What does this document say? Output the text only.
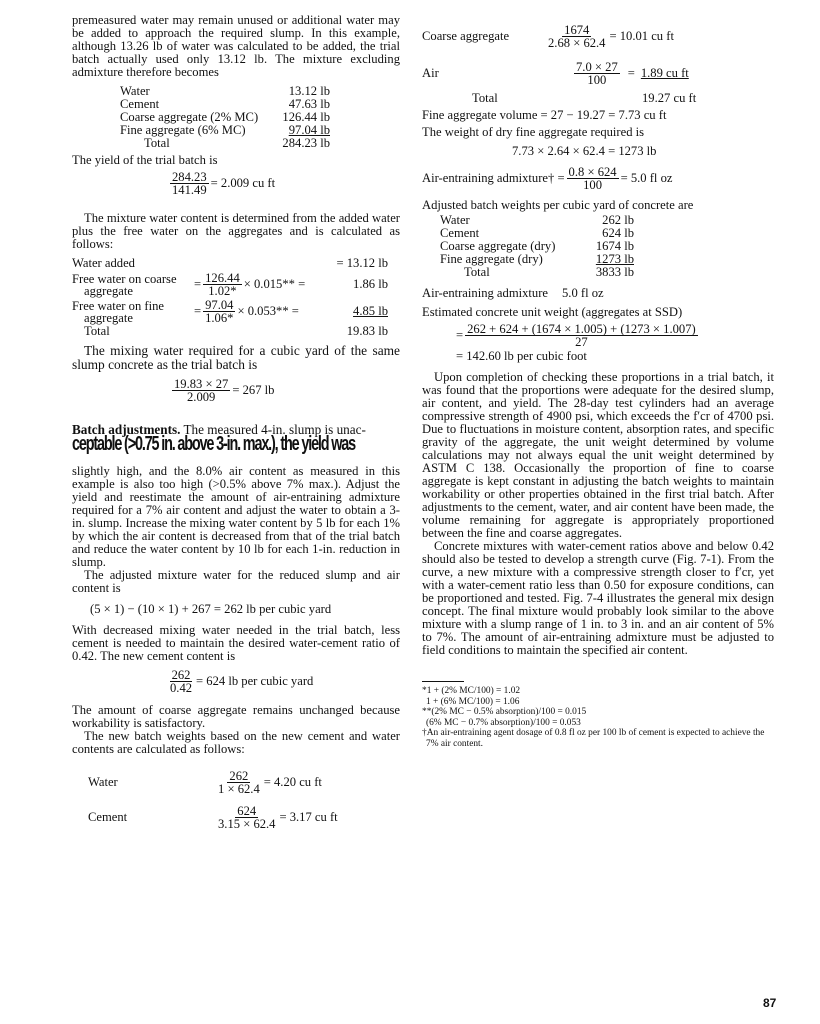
premeasured water may remain unused or additional water may be added to approach the required slump. In this example, although 13.26 lb of water was calculated to be added, the trial batch actually used only 13.12 lb. The mixture excluding admixture therefore becomes

Water	13.12 lb
Cement	47.63 lb
Coarse aggregate (2% MC)	126.44 lb
Fine aggregate (6% MC)	97.04 lb
Total	284.23 lb

The yield of the trial batch is

$\frac{284.23}{141.49} = 2.009$ cu ft

The mixture water content is determined from the added water plus the free water on the aggregates and is calculated as follows:

Water added	= 13.12 lb
Free water on coarse
aggregate	= $\frac{126.44}{1.02*} \times 0.015**$ =	1.86 lb
Free water on fine
aggregate	= $\frac{97.04}{1.06*} \times 0.053**$ =	4.85 lb
Total	19.83 lb

The mixing water required for a cubic yard of the same slump concrete as the trial batch is

$\frac{19.83 \times 27}{2.009} = 267$ lb

Batch adjustments. The measured 4-in. slump is unac-

ceptable (>0.75 in. above 3-in. max.), the yield was

slightly high, and the 8.0% air content as measured in this example is also too high (>0.5% above 7% max.). Adjust the yield and reestimate the amount of air-entraining admixture required for a 7% air content and adjust the water to obtain a 3-in. slump. Increase the mixing water content by 5 lb for each 1% by which the air content is decreased from that of the trial batch and reduce the water content by 10 lb for each 1-in. reduction in slump.

The adjusted mixture water for the reduced slump and air content is

(5 × 1) − (10 × 1) + 267 = 262 lb per cubic yard

With decreased mixing water needed in the trial batch, less cement is needed to maintain the desired water-cement ratio of 0.42. The new cement content is

$\frac{262}{0.42} = 624$ lb per cubic yard

The amount of coarse aggregate remains unchanged because workability is satisfactory.

The new batch weights based on the new cement and water contents are calculated as follows:

Water	$\frac{262}{1 \times 62.4} = 4.20$ cu ft
Cement	$\frac{624}{3.15 \times 62.4} = 3.17$ cu ft
Coarse aggregate	$\frac{1674}{2.68 \times 62.4} = 10.01$ cu ft
Air	$\frac{7.0 \times 27}{100} = 1.89$ cu ft
Total	19.27 cu ft

Fine aggregate volume = 27 − 19.27 = 7.73 cu ft

The weight of dry fine aggregate required is

7.73 × 2.64 × 62.4 = 1273 lb

Air-entraining admixture† = $\frac{0.8 \times 624}{100} = 5.0$ fl oz

Adjusted batch weights per cubic yard of concrete are

Water	262 lb
Cement	624 lb
Coarse aggregate (dry)	1674 lb
Fine aggregate (dry)	1273 lb
Total	3833 lb
Air-entraining admixture 5.0 fl oz

Estimated concrete unit weight (aggregates at SSD)

= $\frac{262 + 624 + (1674 \times 1.005) + (1273 \times 1.007)}{27}$

= 142.60 lb per cubic foot

Upon completion of checking these proportions in a trial batch, it was found that the proportions were adequate for the desired slump, air content, and yield. The 28-day test cylinders had an average compressive strength of 4900 psi, which exceeds the f′cr of 4700 psi. Due to fluctuations in moisture content, absorption rates, and specific gravity of the aggregate, the unit weight determined by volume calculations may not always equal the unit weight determined by ASTM C 138. Occasionally the proportion of fine to coarse aggregate is kept constant in adjusting the batch weights to maintain workability or other properties obtained in the first trial batch. After adjustments to the cement, water, and air content have been made, the volume remaining for aggregate is appropriately proportioned between the fine and coarse aggregates.

Concrete mixtures with water-cement ratios above and below 0.42 should also be tested to develop a strength curve (Fig. 7-1). From the curve, a new mixture with a compressive strength closer to f′cr, yet with a water-cement ratio less than 0.50 for exposure conditions, can be proportioned and tested. Fig. 7-4 illustrates the general mix design concept. The final mixture would probably look similar to the above mixture with a slump range of 1 in. to 3 in. and an air content of 5% to 7%. The amount of air-entraining admixture must be adjusted to field conditions to maintain the specified air content.

*1 + (2% MC/100) = 1.02
1 + (6% MC/100) = 1.06
**(2% MC − 0.5% absorption)/100 = 0.015
(6% MC − 0.7% absorption)/100 = 0.053
†An air-entraining agent dosage of 0.8 fl oz per 100 lb of cement is expected to achieve the 7% air content.
87
